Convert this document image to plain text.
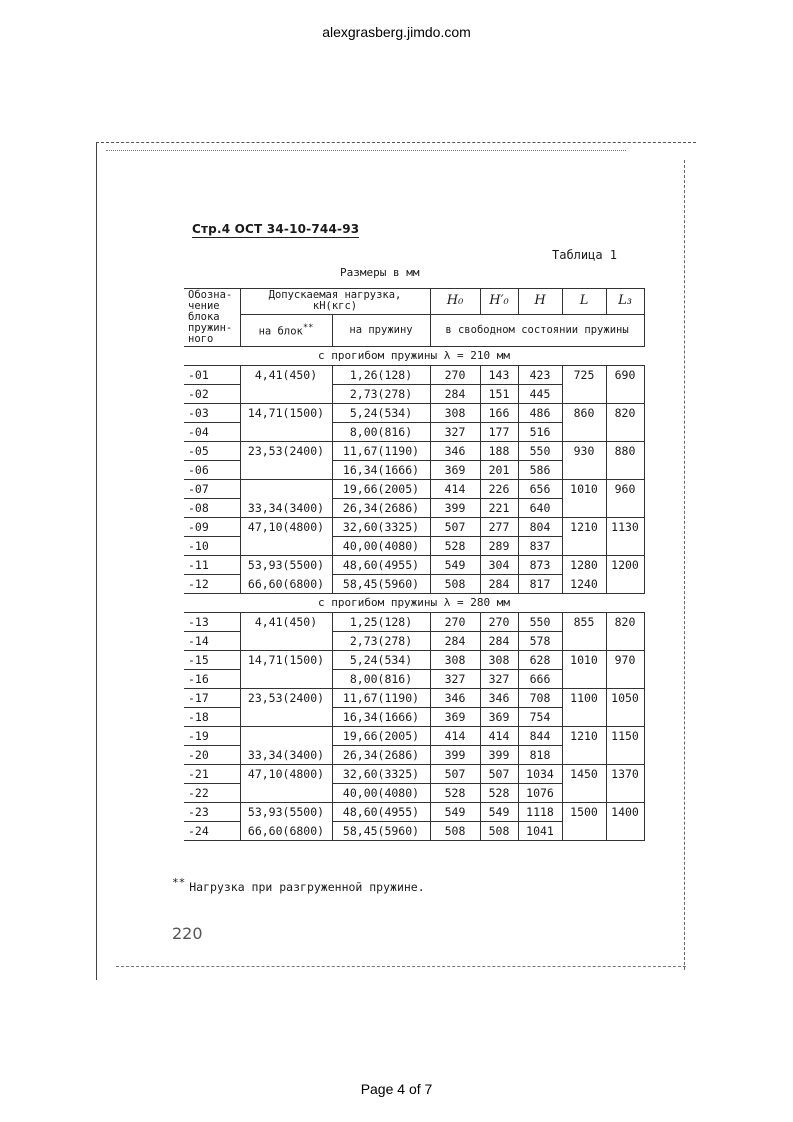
alexgrasberg.jimdo.com
Стр.4 ОСТ 34-10-744-93
Таблица 1
Размеры в мм
Обозна- чение блока пружин- ного	Допускаемая нагрузка, кН(кгс)		H₀	H′₀	H	L	L₃
	на блок**	на пружину	в свободном состоянии пружины				
с прогибом пружины λ = 210 мм							
-01	4,41(450)	1,26(128)	270	143	423	725	690
-02		2,73(278)	284	151	445		
-03	14,71(1500)	5,24(534)	308	166	486	860	820
-04		8,00(816)	327	177	516		
-05	23,53(2400)	11,67(1190)	346	188	550	930	880
-06		16,34(1666)	369	201	586		
-07		19,66(2005)	414	226	656	1010	960
-08	33,34(3400)	26,34(2686)	399	221	640		
-09	47,10(4800)	32,60(3325)	507	277	804	1210	1130
-10		40,00(4080)	528	289	837		
-11	53,93(5500)	48,60(4955)	549	304	873	1280	1200
-12	66,60(6800)	58,45(5960)	508	284	817	1240	
с прогибом пружины λ = 280 мм							
-13	4,41(450)	1,25(128)	270	270	550	855	820
-14		2,73(278)	284	284	578		
-15	14,71(1500)	5,24(534)	308	308	628	1010	970
-16		8,00(816)	327	327	666		
-17	23,53(2400)	11,67(1190)	346	346	708	1100	1050
-18		16,34(1666)	369	369	754		
-19		19,66(2005)	414	414	844	1210	1150
-20	33,34(3400)	26,34(2686)	399	399	818		
-21	47,10(4800)	32,60(3325)	507	507	1034	1450	1370
-22		40,00(4080)	528	528	1076		
-23	53,93(5500)	48,60(4955)	549	549	1118	1500	1400
-24	66,60(6800)	58,45(5960)	508	508	1041		
** Нагрузка при разгруженной пружине.
220
Page 4 of 7
